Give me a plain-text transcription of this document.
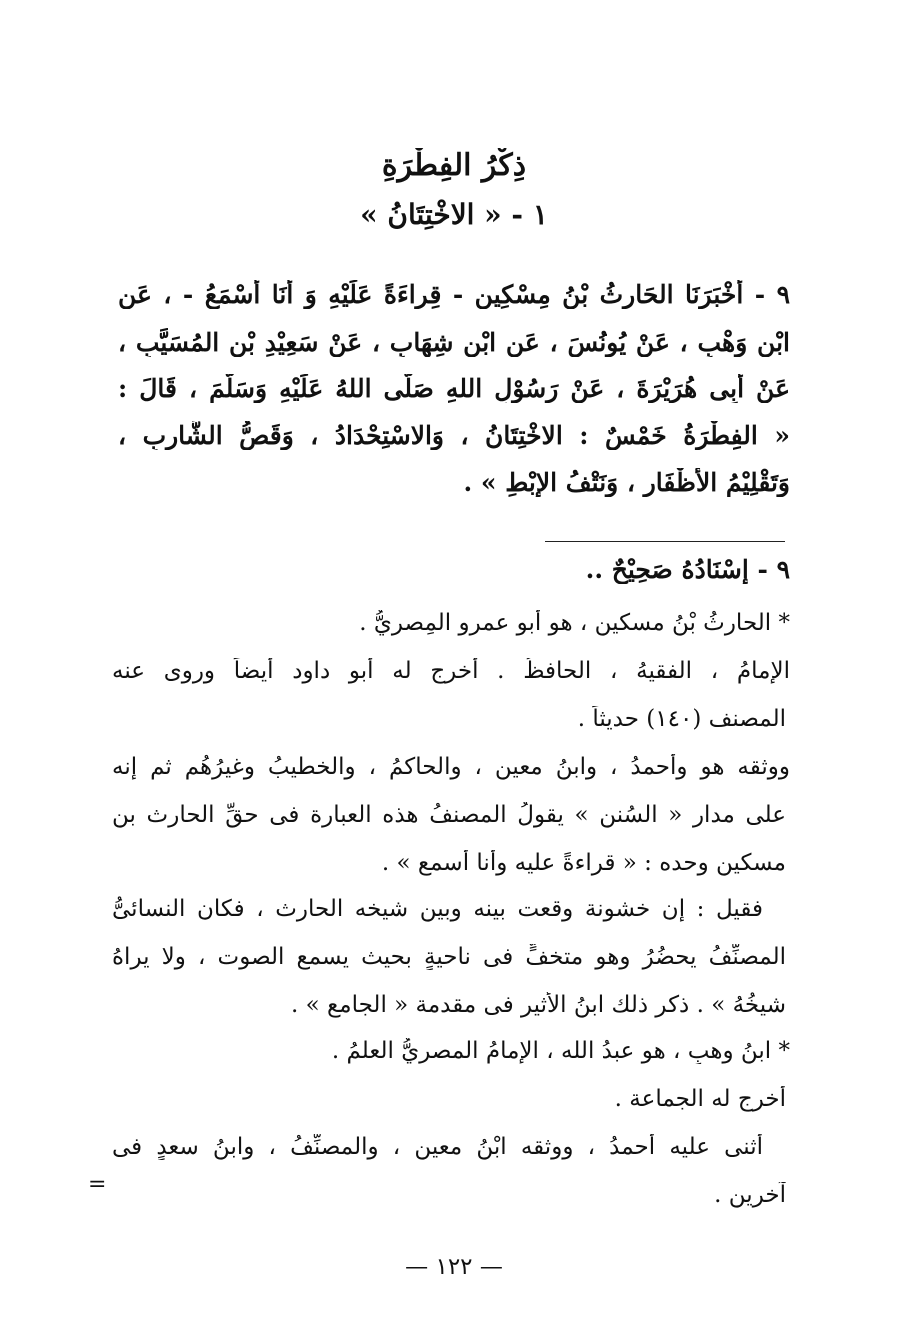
ذِكْرُ الفِطْرَةِ
١ - « الاخْتِتَانُ »
٩ - أَخْبَرَنَا الحَارِثُ بْنُ مِسْكِينٍ - قِراءَةً عَلَيْهِ وَ أَنَا أَسْمَعُ - ، عَنِ
ابْنِ وَهْبٍ ، عَنْ يُونُسَ ، عَنِ ابْنِ شِهَابٍ ، عَنْ سَعِيْدِ بْنِ المُسَيَّبِ ،
عَنْ أَبِى هُرَيْرَةَ ، عَنْ رَسُوْلِ اللهِ صَلَّى اللهُ عَلَيْهِ وَسَلَّمَ ، قَالَ :
« الفِطْرَةُ خَمْسٌ : الاخْتِتَانُ ، وَالاسْتِحْدَادُ ، وَقَصُّ الشَّارِبِ ،
وَتَقْلِيْمُ الأَظْفَارِ ، وَنَتْفُ الإِبْطِ » .
٩ - إِسْنَادُهُ صَحِيْحٌ ..
* الحارثُ بْنُ مسكين ، هو أبو عمرو المِصريُّ .
الإمامُ ، الفقيهُ ، الحافظُ . أخرج له أبو داود أيضاً وروى عنه
المصنف (١٤٠) حديثاً .
ووثقه هو وأحمدُ ، وابنُ معين ، والحاكمُ ، والخطيبُ وغيرُهُم ثم إنه
على مدار « السُنن » يقولُ المصنفُ هذه العبارة فى حقِّ الحارث بن
مسكين وحده : « قراءةً عليه وأنا أسمع » .
فقيل : إن خشونة وقعت بينه وبين شيخه الحارث ، فكان النسائىُّ
المصنِّفُ يحضُرُ وهو متخفٍّ فى ناحيةٍ بحيث يسمع الصوت ، ولا يراهُ
شيخُهُ » . ذكر ذلك ابنُ الأثير فى مقدمة « الجامع » .
* ابنُ وهبٍ ، هو عبدُ الله ، الإمامُ المصريُّ العلمُ .
أخرج له الجماعة .
أثنى عليه أحمدُ ، ووثقه ابْنُ معينٍ ، والمصنِّفُ ، وابنُ سعدٍ فى
آخرين .
=
— ١٢٢ —
